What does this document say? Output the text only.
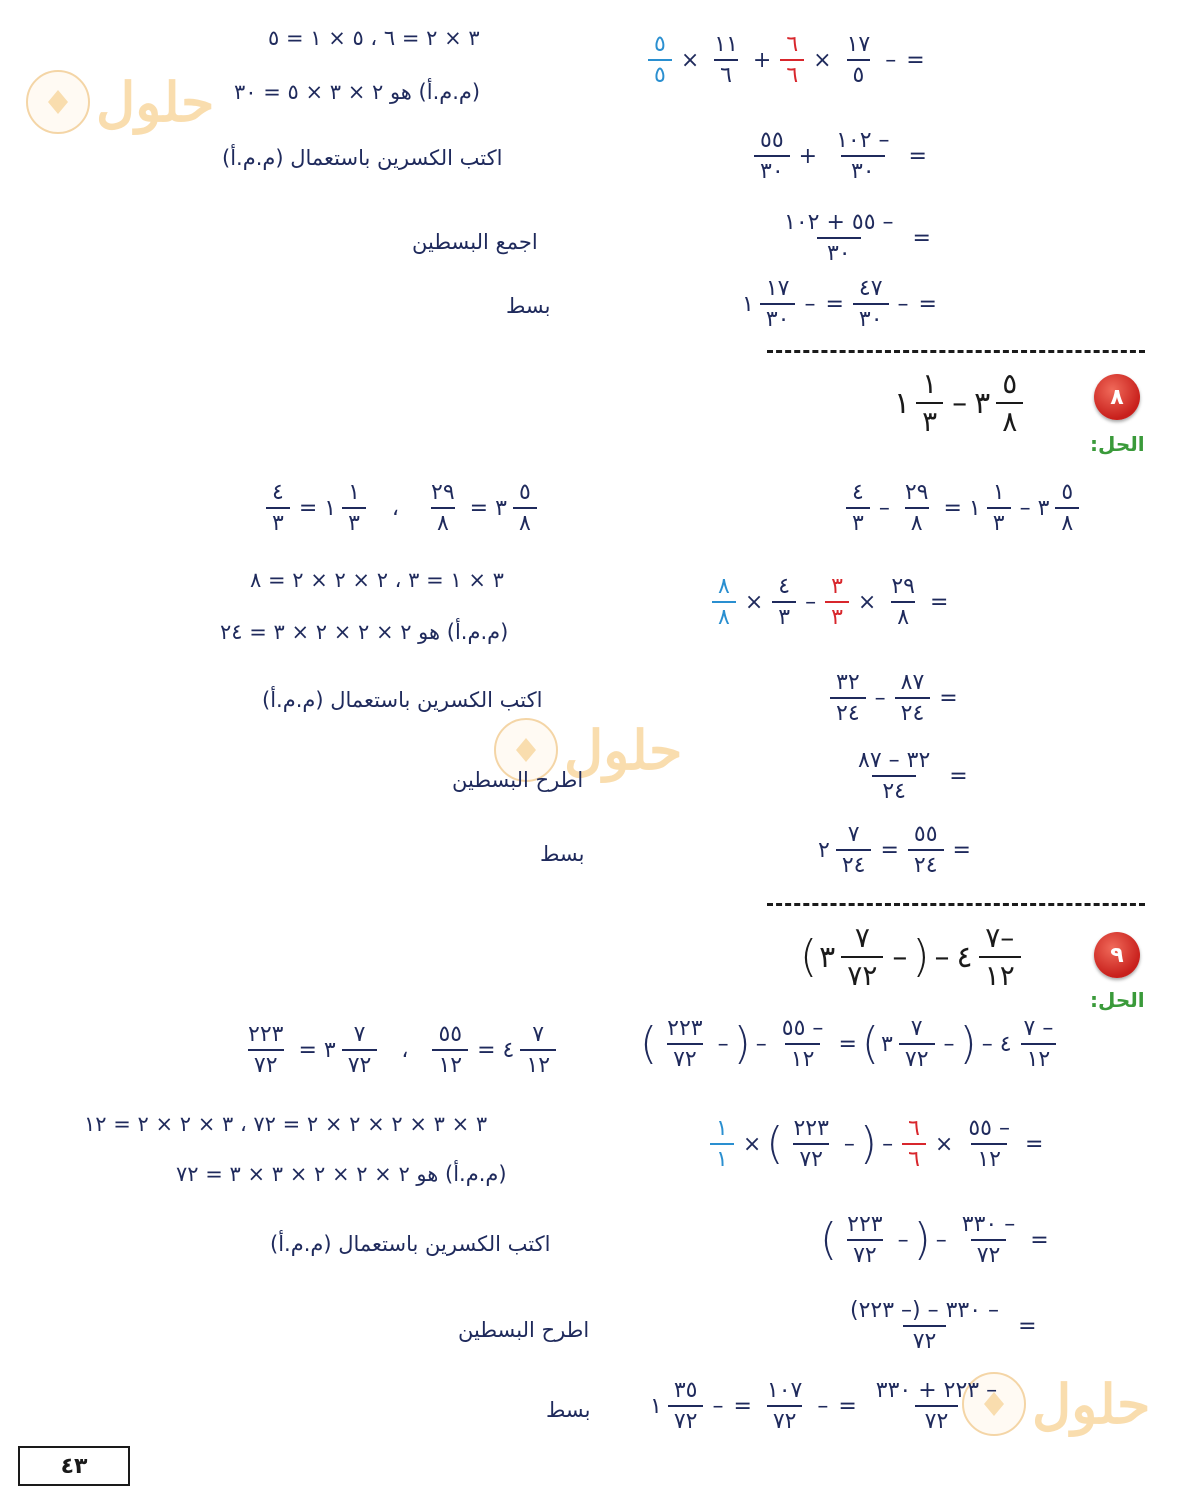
حلول
حلول
حلول
٣ × ٢ = ٦ ، ٥ × ١ = ٥
(م.م.أ) هو ٢ × ٣ × ٥ = ٣٠
اكتب الكسرين باستعمال (م.م.أ)
اجمع البسطين
بسط
$\frac{٥}{٥} \times \frac{١١}{٦} + \frac{٦}{٦} \times \frac{١٧}{٥}$ – =
$\frac{٥٥}{٣٠} + \frac{١٠٢ -}{٣٠}$ =
$\frac{٥٥ + ١٠٢ -}{٣٠}$ =
١ $\frac{١٧}{٣٠}$ – = $\frac{٤٧}{٣٠}$ – =
٨
١ $\frac{١}{٣}$ – ٣ $\frac{٥}{٨}$
الحل:
$\frac{٤}{٣}$ = ١ $\frac{١}{٣}$ ، $\frac{٢٩}{٨}$ = ٣ $\frac{٥}{٨}$	$\frac{٤}{٣} - \frac{٢٩}{٨}$ = ١ $\frac{١}{٣}$ – ٣ $\frac{٥}{٨}$
٣ × ١ = ٣ ، ٢ × ٢ × ٢ = ٨
(م.م.أ) هو ٢ × ٢ × ٢ × ٣ = ٢٤
$\frac{٨}{٨} \times \frac{٤}{٣} - \frac{٣}{٣} \times \frac{٢٩}{٨}$ =
اكتب الكسرين باستعمال (م.م.أ)	$\frac{٣٢}{٢٤} - \frac{٨٧}{٢٤}$ =
اطرح البسطين	$\frac{٣٢ - ٨٧}{٢٤}$ =
بسط	٢ $\frac{٧}{٢٤} = \frac{٥٥}{٢٤}$ =
٩
( ٣ $\frac{٧}{٧٢}$ – ) – ٤ $\frac{٧-}{١٢}$
الحل:
$\frac{٢٢٣}{٧٢}$ = ٣ $\frac{٧}{٧٢}$ ، $\frac{٥٥}{١٢}$ = ٤ $\frac{٧}{١٢}$ ( $\frac{٢٢٣}{٧٢}$ – ) – $\frac{٥٥ -}{١٢}$ = ( ٣ $\frac{٧}{٧٢}$ – ) – ٤ $\frac{٧ -}{١٢}$
٣ × ٣ × ٢ × ٢ × ٢ = ٧٢ ، ٣ × ٢ × ٢ = ١٢
(م.م.أ) هو ٢ × ٢ × ٢ × ٣ × ٣ = ٧٢
$\frac{١}{١}$ × ( $\frac{٢٢٣}{٧٢}$ – ) – $\frac{٦}{٦} \times \frac{٥٥ -}{١٢}$ =
اكتب الكسرين باستعمال (م.م.أ)	( $\frac{٢٢٣}{٧٢}$ – ) – $\frac{٣٣٠ -}{٧٢}$ =
اطرح البسطين	$\frac{(٢٢٣ -) - ٣٣٠ -}{٧٢}$ =
بسط	١ $\frac{٣٥}{٧٢}$ – = $\frac{١٠٧}{٧٢}$ – = $\frac{٢٢٣ + ٣٣٠ -}{٧٢}$
٤٣
